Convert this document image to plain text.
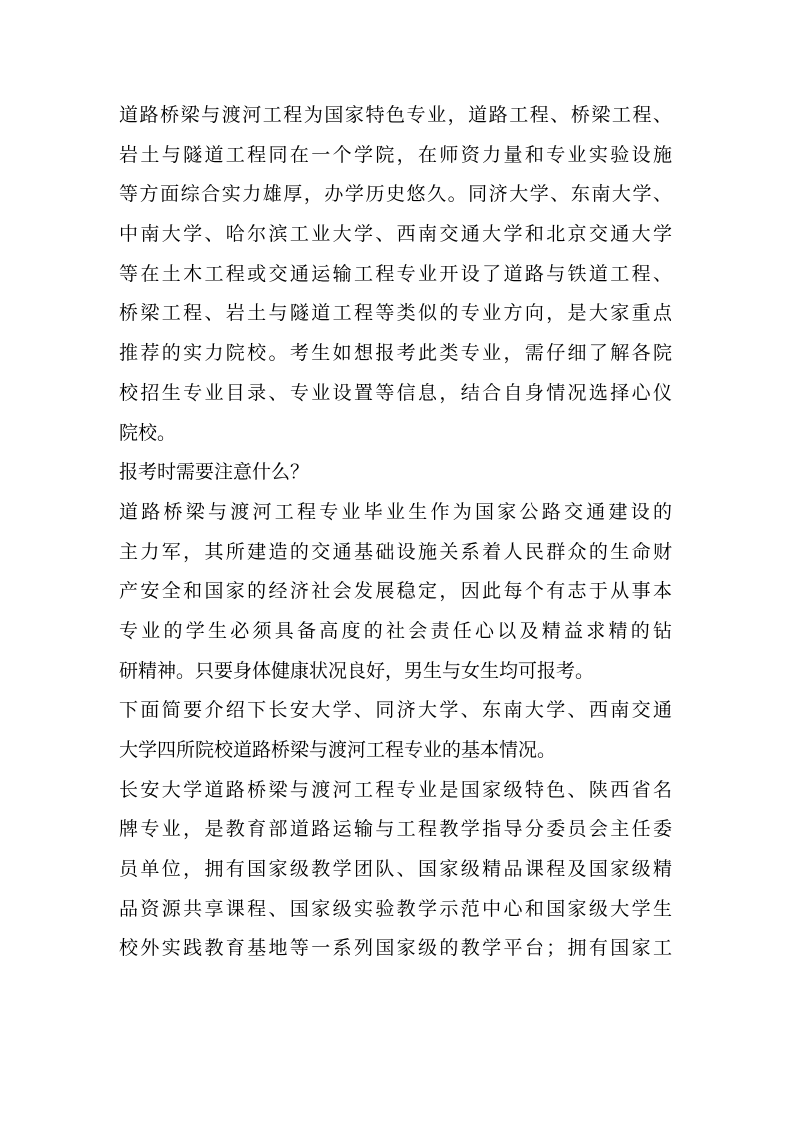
道路桥梁与渡河工程为国家特色专业，道路工程、桥梁工程、
岩土与隧道工程同在一个学院，在师资力量和专业实验设施
等方面综合实力雄厚，办学历史悠久。同济大学、东南大学、
中南大学、哈尔滨工业大学、西南交通大学和北京交通大学
等在土木工程或交通运输工程专业开设了道路与铁道工程、
桥梁工程、岩土与隧道工程等类似的专业方向，是大家重点
推荐的实力院校。考生如想报考此类专业，需仔细了解各院
校招生专业目录、专业设置等信息，结合自身情况选择心仪
院校。
报考时需要注意什么？
道路桥梁与渡河工程专业毕业生作为国家公路交通建设的
主力军，其所建造的交通基础设施关系着人民群众的生命财
产安全和国家的经济社会发展稳定，因此每个有志于从事本
专业的学生必须具备高度的社会责任心以及精益求精的钻
研精神。只要身体健康状况良好，男生与女生均可报考。
下面简要介绍下长安大学、同济大学、东南大学、西南交通
大学四所院校道路桥梁与渡河工程专业的基本情况。
长安大学道路桥梁与渡河工程专业是国家级特色、陕西省名
牌专业，是教育部道路运输与工程教学指导分委员会主任委
员单位，拥有国家级教学团队、国家级精品课程及国家级精
品资源共享课程、国家级实验教学示范中心和国家级大学生
校外实践教育基地等一系列国家级的教学平台；拥有国家工
